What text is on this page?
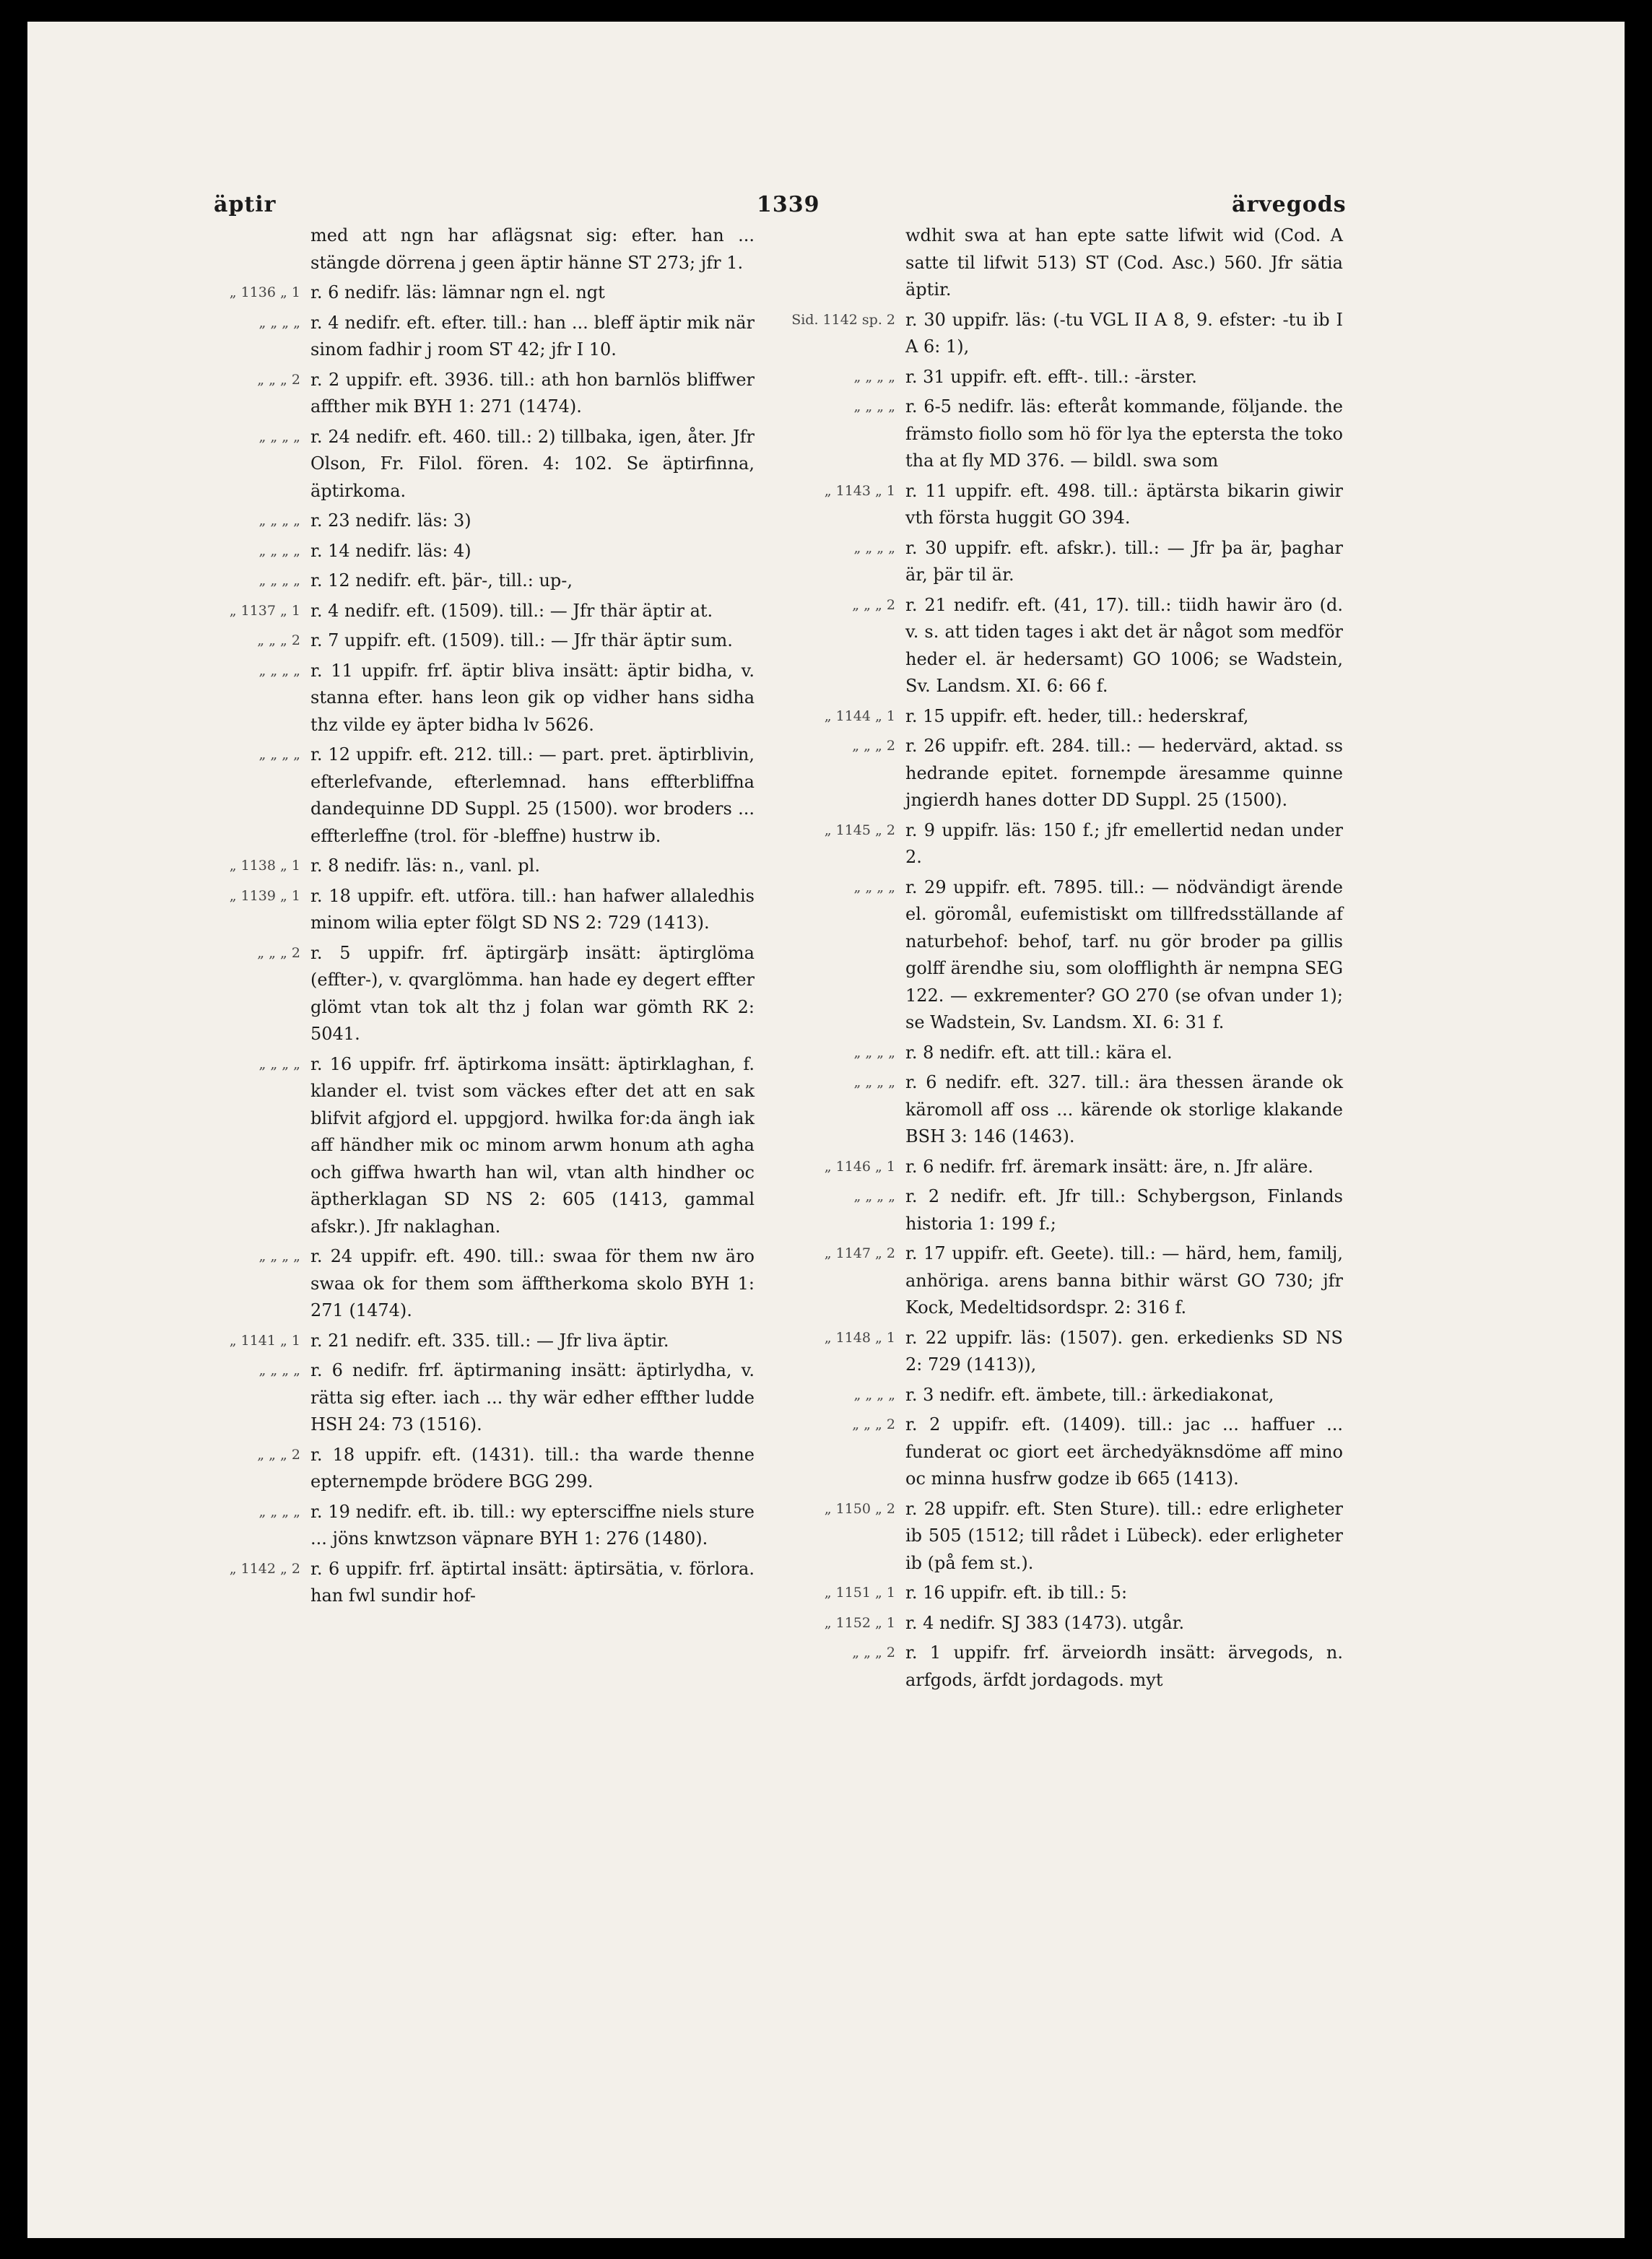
äptir	1339	ärvegods
med att ngn har aflägsnat sig: efter. han ... stängde dörrena j geen äptir hänne ST 273; jfr 1.
„ 1136 „ 1 r. 6 nedifr. läs: lämnar ngn el. ngt
„ „ „ „ r. 4 nedifr. eft. efter. till.: han ... bleff äptir mik när sinom fadhir j room ST 42; jfr I 10.
„ „ „ 2 r. 2 uppifr. eft. 3936. till.: ath hon barnlös bliffwer affther mik BYH 1: 271 (1474).
„ „ „ „ r. 24 nedifr. eft. 460. till.: 2) tillbaka, igen, åter. Jfr Olson, Fr. Filol. fören. 4: 102. Se äptirfinna, äptirkoma.
„ „ „ „ r. 23 nedifr. läs: 3)
„ „ „ „ r. 14 nedifr. läs: 4)
„ „ „ „ r. 12 nedifr. eft. þär-, till.: up-,
„ 1137 „ 1 r. 4 nedifr. eft. (1509). till.: — Jfr thär äptir at.
„ „ „ 2 r. 7 uppifr. eft. (1509). till.: — Jfr thär äptir sum.
„ „ „ „ r. 11 uppifr. frf. äptir bliva insätt: äptir bidha, v. stanna efter. hans leon gik op vidher hans sidha thz vilde ey äpter bidha lv 5626.
„ „ „ „ r. 12 uppifr. eft. 212. till.: — part. pret. äptirblivin, efterlefvande, efterlemnad. hans effterbliffna dandequinne DD Suppl. 25 (1500). wor broders ... effterleffne (trol. för -bleffne) hustrw ib.
„ 1138 „ 1 r. 8 nedifr. läs: n., vanl. pl.
„ 1139 „ 1 r. 18 uppifr. eft. utföra. till.: han hafwer allaledhis minom wilia epter fölgt SD NS 2: 729 (1413).
„ „ „ 2 r. 5 uppifr. frf. äptirgärþ insätt: äptirglöma (effter-), v. qvarglömma. han hade ey degert effter glömt vtan tok alt thz j folan war gömth RK 2: 5041.
„ „ „ „ r. 16 uppifr. frf. äptirkoma insätt: äptirklaghan, f. klander el. tvist som väckes efter det att en sak blifvit afgjord el. uppgjord. hwilka for:da ängh iak aff händher mik oc minom arwm honum ath agha och giffwa hwarth han wil, vtan alth hindher oc äptherklagan SD NS 2: 605 (1413, gammal afskr.). Jfr naklaghan.
„ „ „ „ r. 24 uppifr. eft. 490. till.: swaa för them nw äro swaa ok for them som äfftherkoma skolo BYH 1: 271 (1474).
„ 1141 „ 1 r. 21 nedifr. eft. 335. till.: — Jfr liva äptir.
„ „ „ „ r. 6 nedifr. frf. äptirmaning insätt: äptirlydha, v. rätta sig efter. iach ... thy wär edher effther ludde HSH 24: 73 (1516).
„ „ „ 2 r. 18 uppifr. eft. (1431). till.: tha warde thenne epternempde brödere BGG 299.
„ „ „ „ r. 19 nedifr. eft. ib. till.: wy eptersciffne niels sture ... jöns knwtzson väpnare BYH 1: 276 (1480).
„ 1142 „ 2 r. 6 uppifr. frf. äptirtal insätt: äptirsätia, v. förlora. han fwl sundir hof-
wdhit swa at han epte satte lifwit wid (Cod. A satte til lifwit 513) ST (Cod. Asc.) 560. Jfr sätia äptir.
Sid. 1142 sp. 2 r. 30 uppifr. läs: (-tu VGL II A 8, 9. efster: -tu ib I A 6: 1),
„ „ „ „ r. 31 uppifr. eft. efft-. till.: -ärster.
„ „ „ „ r. 6-5 nedifr. läs: efteråt kommande, följande. the främsto fiollo som hö för lya the eptersta the toko tha at fly MD 376. — bildl. swa som
„ 1143 „ 1 r. 11 uppifr. eft. 498. till.: äptärsta bikarin giwir vth första huggit GO 394.
„ „ „ „ r. 30 uppifr. eft. afskr.). till.: — Jfr þa är, þaghar är, þär til är.
„ „ „ 2 r. 21 nedifr. eft. (41, 17). till.: tiidh hawir äro (d. v. s. att tiden tages i akt det är något som medför heder el. är hedersamt) GO 1006; se Wadstein, Sv. Landsm. XI. 6: 66 f.
„ 1144 „ 1 r. 15 uppifr. eft. heder, till.: hederskraf,
„ „ „ 2 r. 26 uppifr. eft. 284. till.: — hedervärd, aktad. ss hedrande epitet. fornempde äresamme quinne jngierdh hanes dotter DD Suppl. 25 (1500).
„ 1145 „ 2 r. 9 uppifr. läs: 150 f.; jfr emellertid nedan under 2.
„ „ „ „ r. 29 uppifr. eft. 7895. till.: — nödvändigt ärende el. göromål, eufemistiskt om tillfredsställande af naturbehof: behof, tarf. nu gör broder pa gillis golff ärendhe siu, som olofflighth är nempna SEG 122. — exkrementer? GO 270 (se ofvan under 1); se Wadstein, Sv. Landsm. XI. 6: 31 f.
„ „ „ „ r. 8 nedifr. eft. att till.: kära el.
„ „ „ „ r. 6 nedifr. eft. 327. till.: ära thessen ärande ok käromoll aff oss ... kärende ok storlige klakande BSH 3: 146 (1463).
„ 1146 „ 1 r. 6 nedifr. frf. äremark insätt: äre, n. Jfr aläre.
„ „ „ „ r. 2 nedifr. eft. Jfr till.: Schybergson, Finlands historia 1: 199 f.;
„ 1147 „ 2 r. 17 uppifr. eft. Geete). till.: — härd, hem, familj, anhöriga. arens banna bithir wärst GO 730; jfr Kock, Medeltidsordspr. 2: 316 f.
„ 1148 „ 1 r. 22 uppifr. läs: (1507). gen. erkedienks SD NS 2: 729 (1413)),
„ „ „ „ r. 3 nedifr. eft. ämbete, till.: ärkediakonat,
„ „ „ 2 r. 2 uppifr. eft. (1409). till.: jac ... haffuer ... funderat oc giort eet ärchedyäknsdöme aff mino oc minna husfrw godze ib 665 (1413).
„ 1150 „ 2 r. 28 uppifr. eft. Sten Sture). till.: edre erligheter ib 505 (1512; till rådet i Lübeck). eder erligheter ib (på fem st.).
„ 1151 „ 1 r. 16 uppifr. eft. ib till.: 5:
„ 1152 „ 1 r. 4 nedifr. SJ 383 (1473). utgår.
„ „ „ 2 r. 1 uppifr. frf. ärveiordh insätt: ärvegods, n. arfgods, ärfdt jordagods. myt
